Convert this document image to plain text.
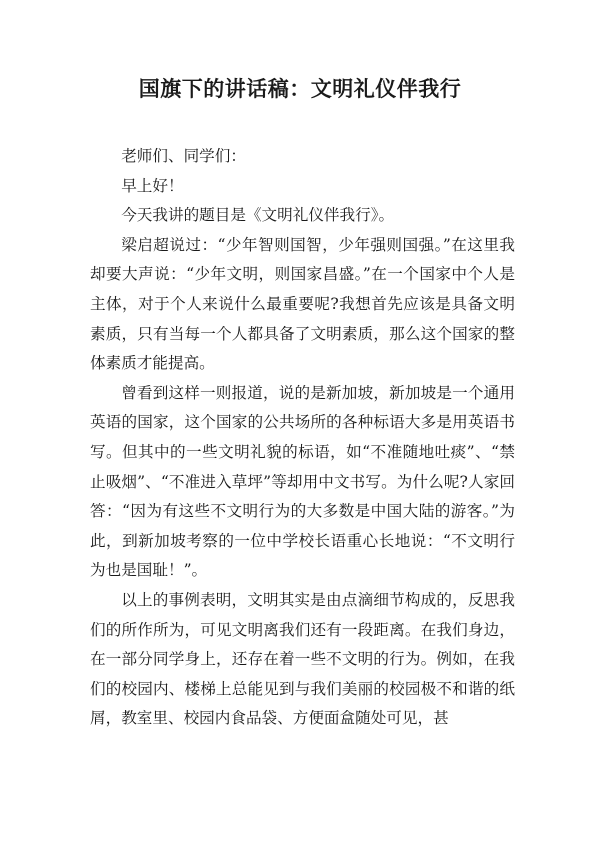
国旗下的讲话稿：文明礼仪伴我行

老师们、同学们：

早上好！

今天我讲的题目是《文明礼仪伴我行》。

梁启超说过：“少年智则国智，少年强则国强。”在这里我却要大声说：“少年文明，则国家昌盛。”在一个国家中个人是主体，对于个人来说什么最重要呢?我想首先应该是具备文明素质，只有当每一个人都具备了文明素质，那么这个国家的整体素质才能提高。

曾看到这样一则报道，说的是新加坡，新加坡是一个通用英语的国家，这个国家的公共场所的各种标语大多是用英语书写。但其中的一些文明礼貌的标语，如“不准随地吐痰”、“禁止吸烟”、“不准进入草坪”等却用中文书写。为什么呢?人家回答：“因为有这些不文明行为的大多数是中国大陆的游客。”为此，到新加坡考察的一位中学校长语重心长地说：“不文明行为也是国耻！”。

以上的事例表明，文明其实是由点滴细节构成的，反思我们的所作所为，可见文明离我们还有一段距离。在我们身边，在一部分同学身上，还存在着一些不文明的行为。例如，在我们的校园内、楼梯上总能见到与我们美丽的校园极不和谐的纸屑，教室里、校园内食品袋、方便面盒随处可见，甚
